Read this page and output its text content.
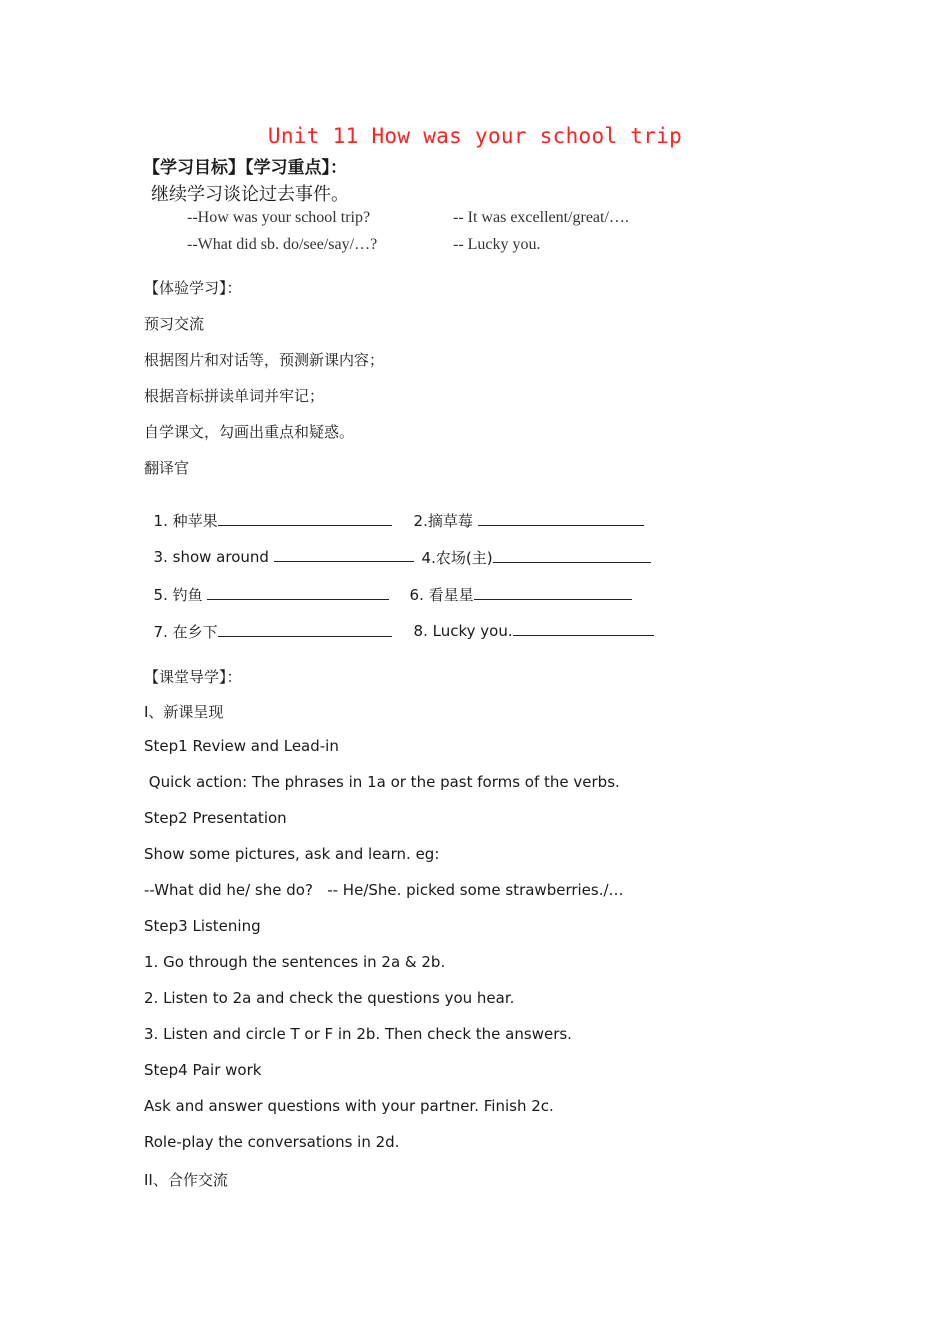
Unit 11 How was your school trip
【学习目标】【学习重点】：
继续学习谈论过去事件。
--How was your school trip?	-- It was excellent/great/….
--What did sb. do/see/say/…?	-- Lucky you.
【体验学习】：
预习交流
根据图片和对话等，预测新课内容；
根据音标拼读单词并牢记；
自学课文，勾画出重点和疑惑。
翻译官

1. 种苹果	2.摘草莓

3. show around	4.农场(主)

5. 钓鱼	6. 看星星

7. 在乡下	8. Lucky you.

【课堂导学】：
I、新课呈现
Step1 Review and Lead-in
Quick action: The phrases in 1a or the past forms of the verbs.
Step2 Presentation
Show some pictures, ask and learn. eg:
--What did he/ she do?   -- He/She. picked some strawberries./…
Step3 Listening
1. Go through the sentences in 2a & 2b.
2. Listen to 2a and check the questions you hear.
3. Listen and circle T or F in 2b. Then check the answers.
Step4 Pair work
Ask and answer questions with your partner. Finish 2c.
Role-play the conversations in 2d.
II、合作交流
